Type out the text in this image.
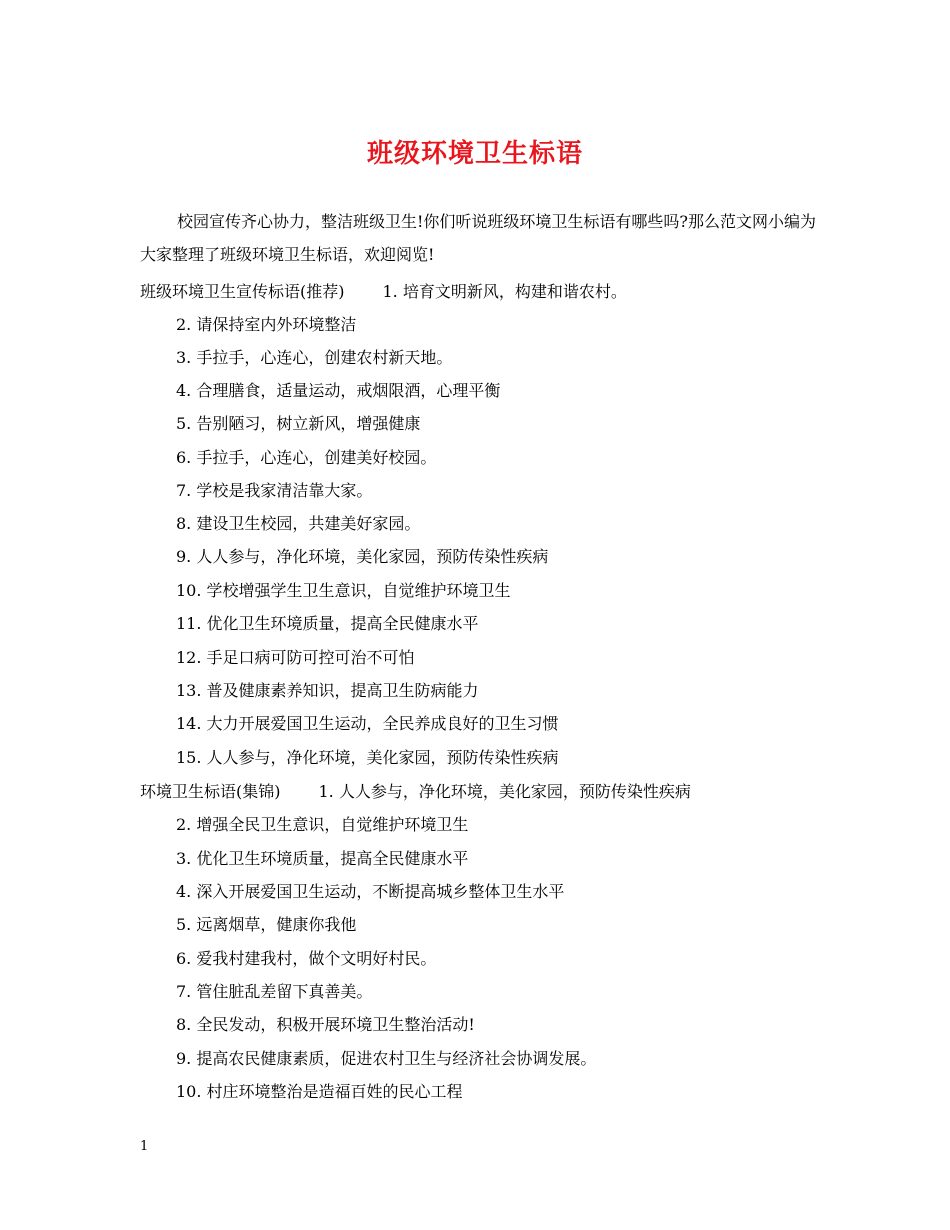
班级环境卫生标语

校园宣传齐心协力，整洁班级卫生!你们听说班级环境卫生标语有哪些吗?那么范文网小编为大家整理了班级环境卫生标语，欢迎阅览!

班级环境卫生宣传标语(推荐) 1. 培育文明新风，构建和谐农村。

2. 请保持室内外环境整洁

3. 手拉手，心连心，创建农村新天地。

4. 合理膳食，适量运动，戒烟限酒，心理平衡

5. 告别陋习，树立新风，增强健康

6. 手拉手，心连心，创建美好校园。

7. 学校是我家清洁靠大家。

8. 建设卫生校园，共建美好家园。

9. 人人参与，净化环境，美化家园，预防传染性疾病

10. 学校增强学生卫生意识，自觉维护环境卫生

11. 优化卫生环境质量，提高全民健康水平

12. 手足口病可防可控可治不可怕

13. 普及健康素养知识，提高卫生防病能力

14. 大力开展爱国卫生运动，全民养成良好的卫生习惯

15. 人人参与，净化环境，美化家园，预防传染性疾病

环境卫生标语(集锦) 1. 人人参与，净化环境，美化家园，预防传染性疾病

2. 增强全民卫生意识，自觉维护环境卫生

3. 优化卫生环境质量，提高全民健康水平

4. 深入开展爱国卫生运动，不断提高城乡整体卫生水平

5. 远离烟草，健康你我他

6. 爱我村建我村，做个文明好村民。

7. 管住脏乱差留下真善美。

8. 全民发动，积极开展环境卫生整治活动!

9. 提高农民健康素质，促进农村卫生与经济社会协调发展。

10. 村庄环境整治是造福百姓的民心工程

1
